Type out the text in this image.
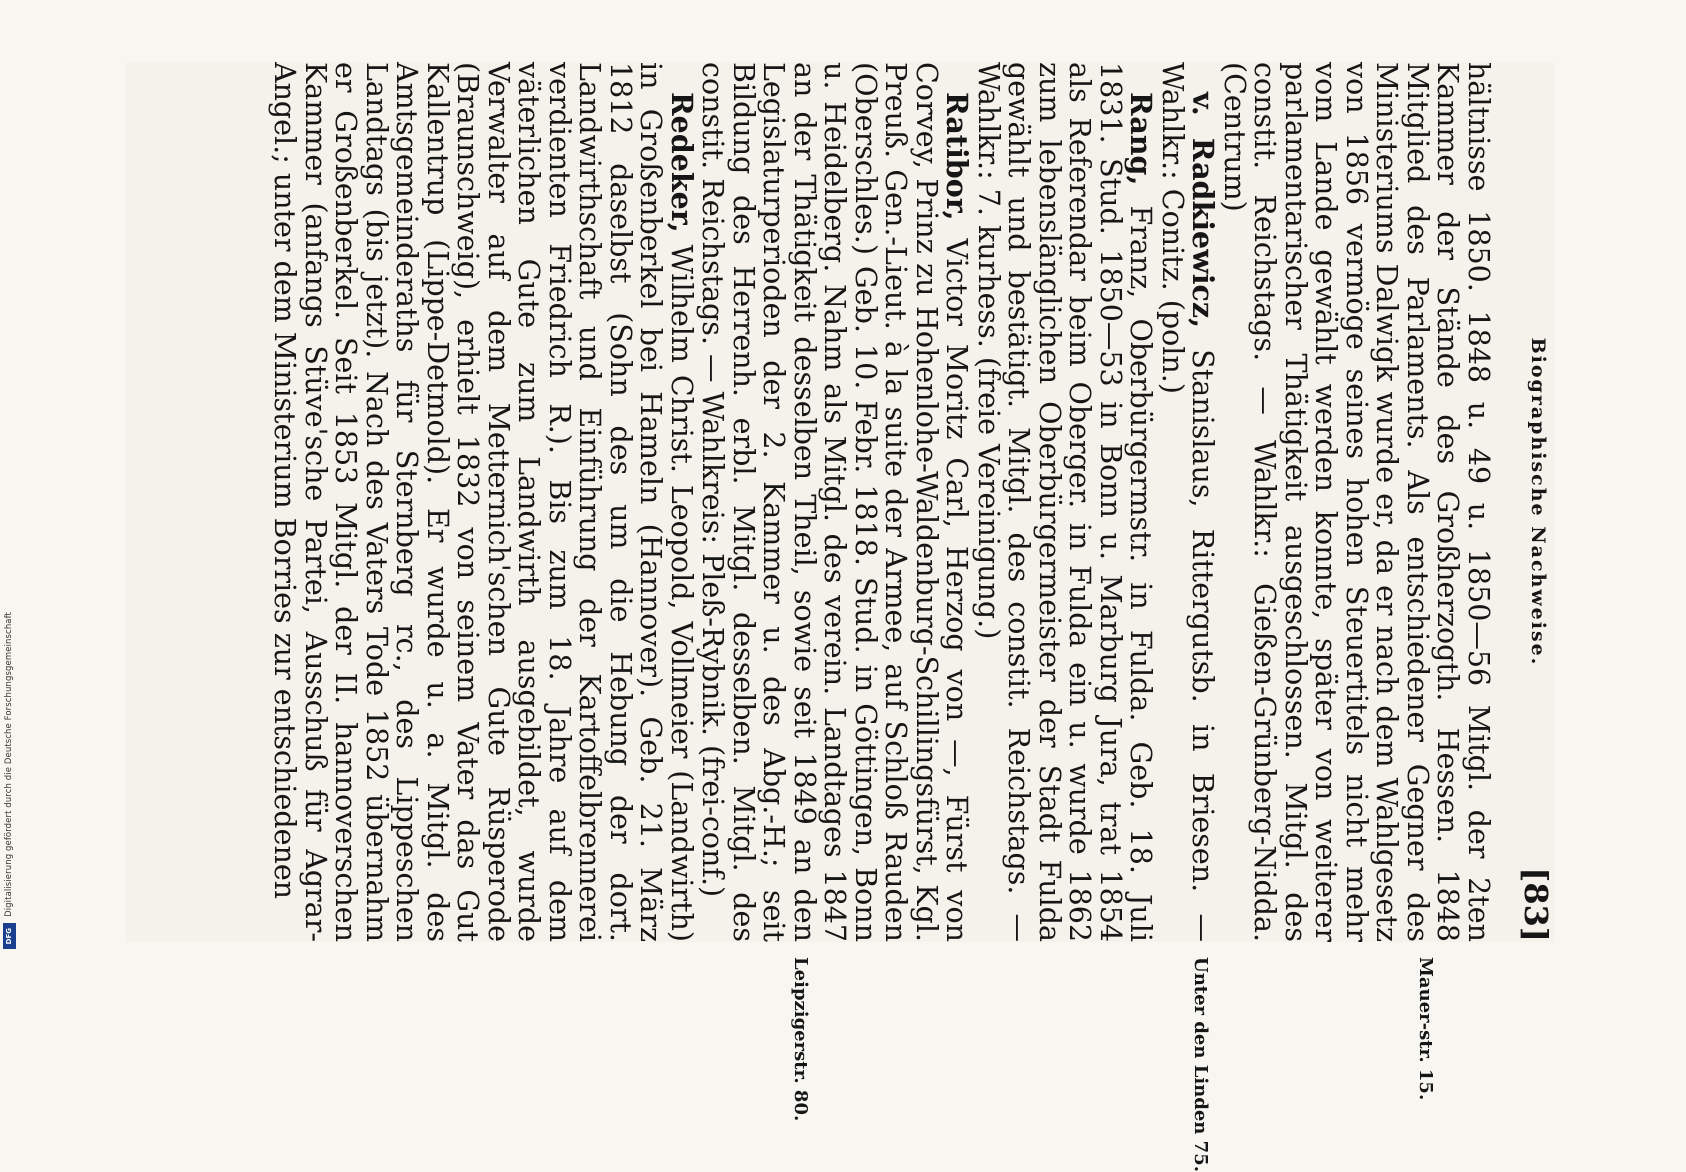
Digitalisierung gefördert durch die Deutsche Forschungsgemeinschaft
DFG
Biographische Nachweise.
[83]

hältnisse 1850. 1848 u. 49 u. 1850—56 Mitgl. der 2ten Kammer der Stände des Großherzogth. Hessen. 1848 Mitglied des Parlaments. Als entschiedener Gegner des Ministeriums Dalwigk wurde er, da er nach dem Wahlgesetz von 1856 vermöge seines hohen Steuertitels nicht mehr vom Lande gewählt werden konnte, später von weiterer parlamentarischer Thätigkeit ausgeschlossen. Mitgl. des constit. Reichstags. — Wahlkr.: Gießen-Grünberg-Nidda. (Centrum)

v. Radkiewicz, Stanislaus, Rittergutsb. in Briesen. — Wahlkr.: Conitz. (poln.)

Rang, Franz, Oberbürgermstr. in Fulda. Geb. 18. Juli 1831. Stud. 1850—53 in Bonn u. Marburg Jura, trat 1854 als Referendar beim Oberger. in Fulda ein u. wurde 1862 zum lebenslänglichen Oberbürgermeister der Stadt Fulda gewählt und bestätigt. Mitgl. des constit. Reichstags. — Wahlkr.: 7. kurhess. (freie Vereinigung.)

Ratibor, Victor Moritz Carl, Herzog von —, Fürst von Corvey, Prinz zu Hohenlohe-Waldenburg-Schillingsfürst, Kgl. Preuß. Gen.-Lieut. à la suite der Armee, auf Schloß Rauden (Oberschles.) Geb. 10. Febr. 1818. Stud. in Göttingen, Bonn u. Heidelberg. Nahm als Mitgl. des verein. Landtages 1847 an der Thätigkeit desselben Theil, sowie seit 1849 an den Legislaturperioden der 2. Kammer u. des Abg.-H.; seit Bildung des Herrenh. erbl. Mitgl. desselben. Mitgl. des constit. Reichstags. — Wahlkreis: Pleß-Rybnik. (frei-conf.)

Redeker, Wilhelm Christ. Leopold, Vollmeier (Landwirth) in Großenberkel bei Hameln (Hannover). Geb. 21. März 1812 daselbst (Sohn des um die Hebung der dort. Landwirthschaft und Einführung der Kartoffelbrennerei verdienten Friedrich R.). Bis zum 18. Jahre auf dem väterlichen Gute zum Landwirth ausgebildet, wurde Verwalter auf dem Metternich'schen Gute Rüsperode (Braunschweig), erhielt 1832 von seinem Vater das Gut Kallentrup (Lippe-Detmold). Er wurde u. a. Mitgl. des Amtsgemeinderaths für Sternberg rc., des Lippeschen Landtags (bis jetzt). Nach des Vaters Tode 1852 übernahm er Großenberkel. Seit 1853 Mitgl. der II. hannoverschen Kammer (anfangs Stüve'sche Partei, Ausschuß für Agrar-Angel.; unter dem Ministerium Borries zur entschiedenen

Mauer-str. 15.
Unter den Linden 75.
Leipzigerstr. 80.
